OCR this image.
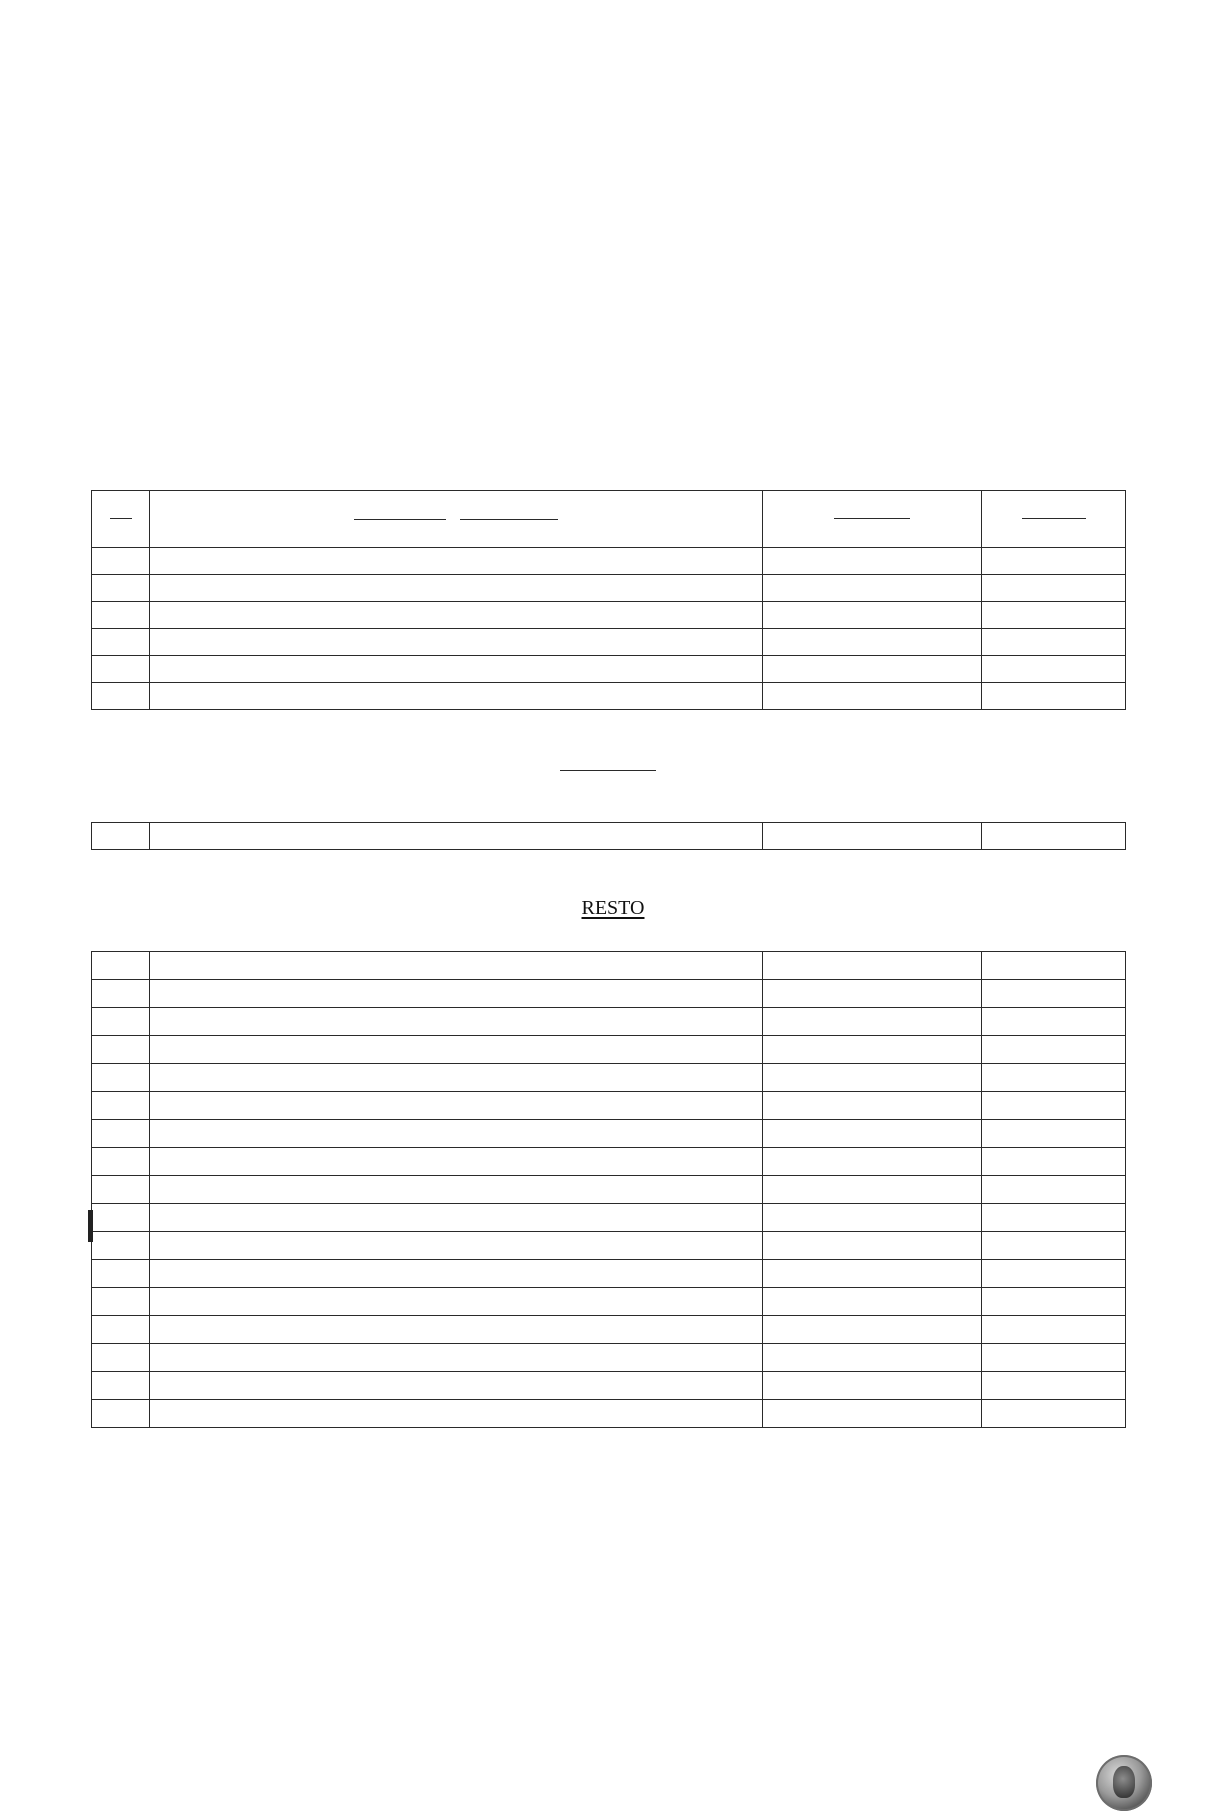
RESTO
